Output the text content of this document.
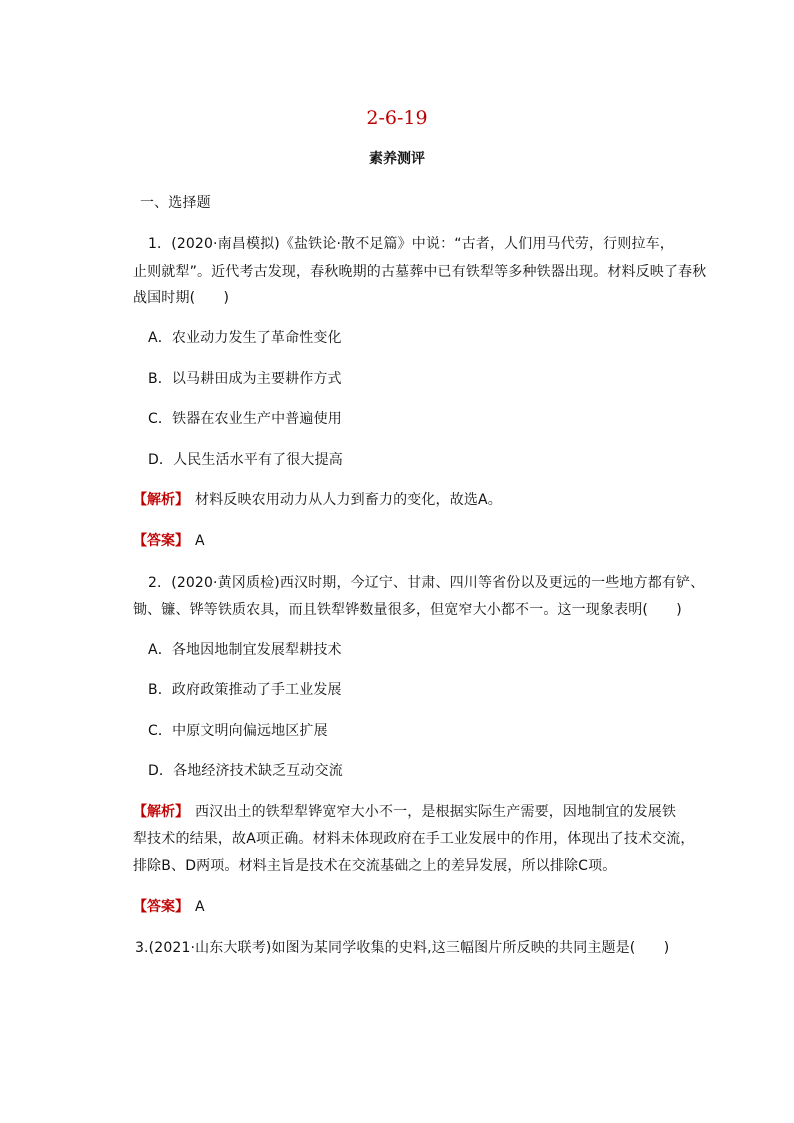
2-6-19
素养测评
一、选择题
1．(2020·南昌模拟)《盐铁论·散不足篇》中说：“古者，人们用马代劳，行则拉车，
止则就犁”。近代考古发现，春秋晚期的古墓葬中已有铁犁等多种铁器出现。材料反映了春秋
战国时期(　　)
A．农业动力发生了革命性变化
B．以马耕田成为主要耕作方式
C．铁器在农业生产中普遍使用
D．人民生活水平有了很大提高
【解析】 材料反映农用动力从人力到畜力的变化，故选A。
【答案】 A
2．(2020·黄冈质检)西汉时期，今辽宁、甘肃、四川等省份以及更远的一些地方都有铲、
锄、镰、铧等铁质农具，而且铁犁铧数量很多，但宽窄大小都不一。这一现象表明(　　)
A．各地因地制宜发展犁耕技术
B．政府政策推动了手工业发展
C．中原文明向偏远地区扩展
D．各地经济技术缺乏互动交流
【解析】 西汉出土的铁犁犁铧宽窄大小不一，是根据实际生产需要，因地制宜的发展铁
犁技术的结果，故A项正确。材料未体现政府在手工业发展中的作用，体现出了技术交流，
排除B、D两项。材料主旨是技术在交流基础之上的差异发展，所以排除C项。
【答案】 A
3.(2021·山东大联考)如图为某同学收集的史料,这三幅图片所反映的共同主题是(　　)
